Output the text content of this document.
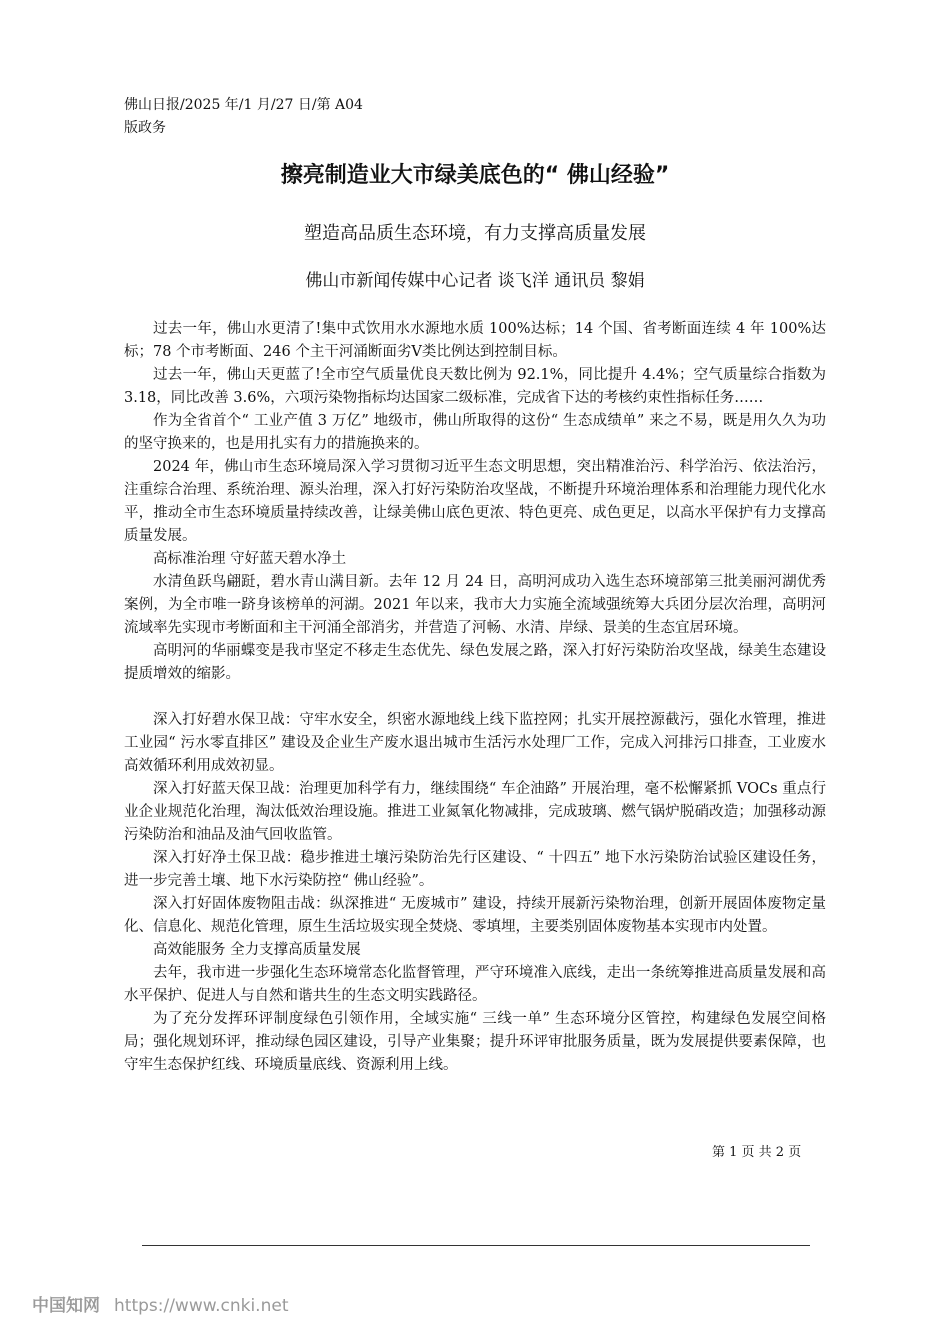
佛山日报/2025 年/1 月/27 日/第 A04
版政务
擦亮制造业大市绿美底色的“ 佛山经验”
塑造高品质生态环境，有力支撑高质量发展
佛山市新闻传媒中心记者 谈飞洋 通讯员 黎娟

过去一年，佛山水更清了!集中式饮用水水源地水质 100%达标；14 个国、省考断面连续 4 年 100%达标；78 个市考断面、246 个主干河涌断面劣V类比例达到控制目标。

过去一年，佛山天更蓝了!全市空气质量优良天数比例为 92.1%，同比提升 4.4%；空气质量综合指数为 3.18，同比改善 3.6%，六项污染物指标均达国家二级标准，完成省下达的考核约束性指标任务……

作为全省首个“ 工业产值 3 万亿” 地级市，佛山所取得的这份“ 生态成绩单” 来之不易，既是用久久为功的坚守换来的，也是用扎实有力的措施换来的。

2024 年，佛山市生态环境局深入学习贯彻习近平生态文明思想，突出精准治污、科学治污、依法治污，注重综合治理、系统治理、源头治理，深入打好污染防治攻坚战，不断提升环境治理体系和治理能力现代化水平，推动全市生态环境质量持续改善，让绿美佛山底色更浓、特色更亮、成色更足，以高水平保护有力支撑高质量发展。

高标准治理 守好蓝天碧水净土

水清鱼跃鸟翩跹，碧水青山满目新。去年 12 月 24 日，高明河成功入选生态环境部第三批美丽河湖优秀案例，为全市唯一跻身该榜单的河湖。2021 年以来，我市大力实施全流域强统筹大兵团分层次治理，高明河流域率先实现市考断面和主干河涌全部消劣，并营造了河畅、水清、岸绿、景美的生态宜居环境。

高明河的华丽蝶变是我市坚定不移走生态优先、绿色发展之路，深入打好污染防治攻坚战，绿美生态建设提质增效的缩影。

深入打好碧水保卫战：守牢水安全，织密水源地线上线下监控网；扎实开展控源截污，强化水管理，推进工业园“ 污水零直排区” 建设及企业生产废水退出城市生活污水处理厂工作，完成入河排污口排查，工业废水高效循环利用成效初显。

深入打好蓝天保卫战：治理更加科学有力，继续围绕“ 车企油路” 开展治理，毫不松懈紧抓 VOCs 重点行业企业规范化治理，淘汰低效治理设施。推进工业氮氧化物减排，完成玻璃、燃气锅炉脱硝改造；加强移动源污染防治和油品及油气回收监管。

深入打好净土保卫战：稳步推进土壤污染防治先行区建设、“ 十四五” 地下水污染防治试验区建设任务，进一步完善土壤、地下水污染防控“ 佛山经验”。

深入打好固体废物阻击战：纵深推进“ 无废城市” 建设，持续开展新污染物治理，创新开展固体废物定量化、信息化、规范化管理，原生生活垃圾实现全焚烧、零填埋，主要类别固体废物基本实现市内处置。

高效能服务 全力支撑高质量发展

去年，我市进一步强化生态环境常态化监督管理，严守环境准入底线，走出一条统筹推进高质量发展和高水平保护、促进人与自然和谐共生的生态文明实践路径。

为了充分发挥环评制度绿色引领作用，全域实施“ 三线一单” 生态环境分区管控，构建绿色发展空间格局；强化规划环评，推动绿色园区建设，引导产业集聚；提升环评审批服务质量，既为发展提供要素保障，也守牢生态保护红线、环境质量底线、资源利用上线。

第 1 页 共 2 页
中国知网 https://www.cnki.net
